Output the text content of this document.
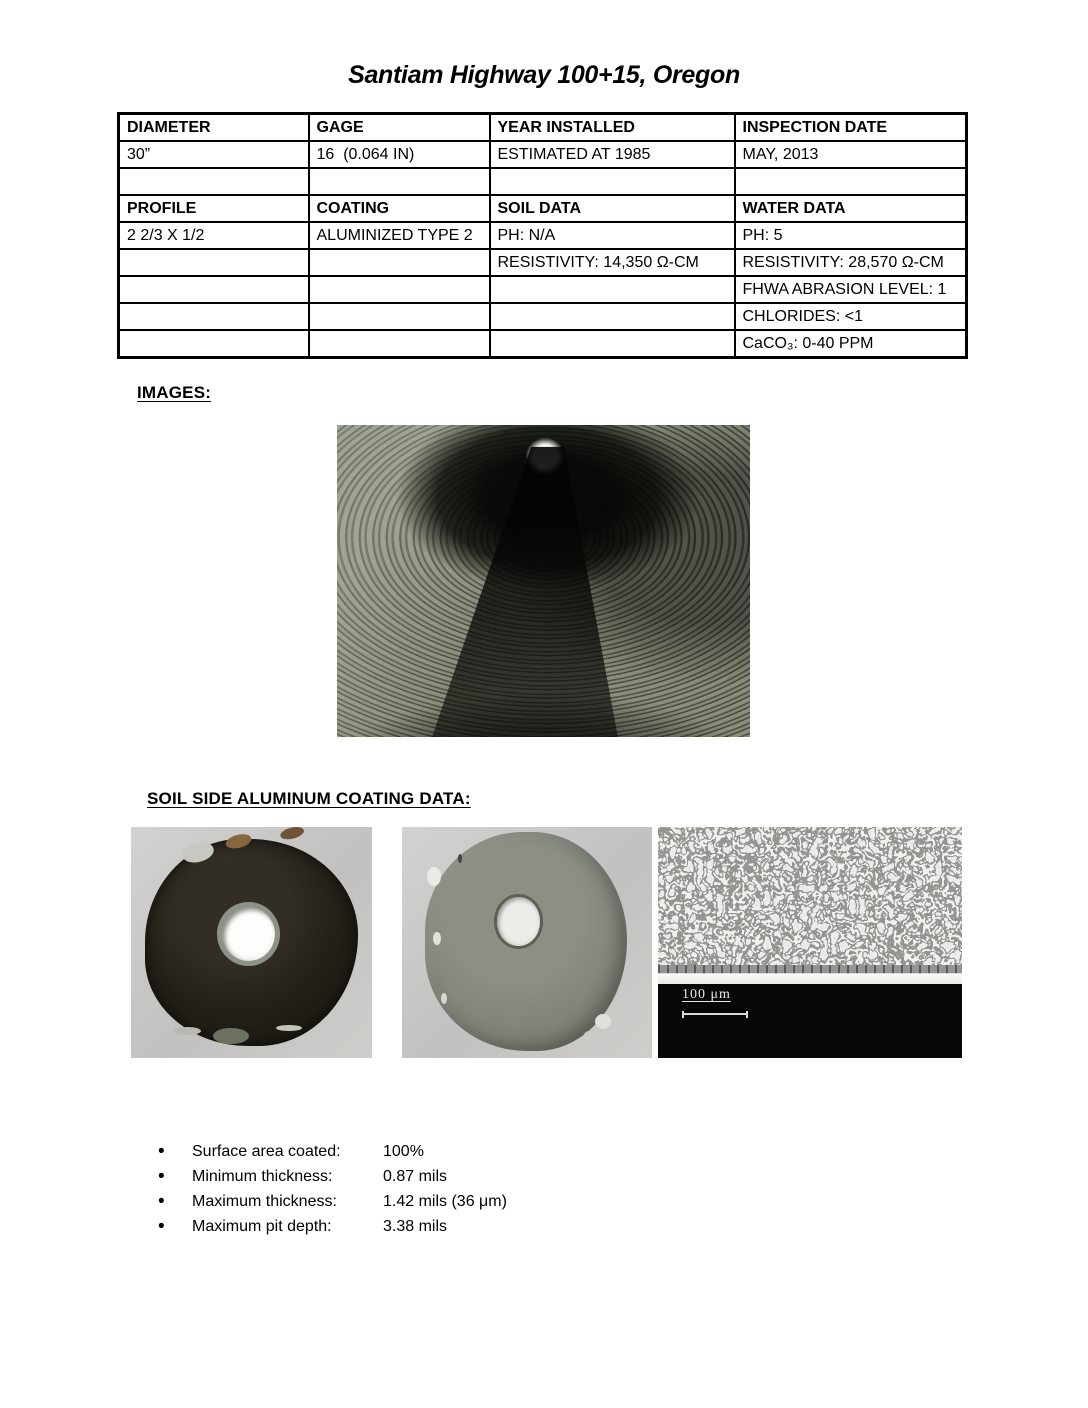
Santiam Highway 100+15, Oregon
DIAMETER	GAGE	YEAR INSTALLED	INSPECTION DATE
30”	16  (0.064 IN)	ESTIMATED AT 1985	MAY, 2013

PROFILE	COATING	SOIL DATA	WATER DATA
2 2/3 X 1/2	ALUMINIZED TYPE 2	PH: N/A	PH: 5
		RESISTIVITY: 14,350 Ω-CM	RESISTIVITY: 28,570 Ω-CM
			FHWA ABRASION LEVEL: 1
			CHLORIDES: <1
			CaCO₃: 0-40 PPM
IMAGES:
SOIL SIDE ALUMINUM COATING DATA:
100 μm
• Surface area coated:	100%
• Minimum thickness:	0.87 mils
• Maximum thickness:	1.42 mils (36 μm)
• Maximum pit depth:	3.38 mils
